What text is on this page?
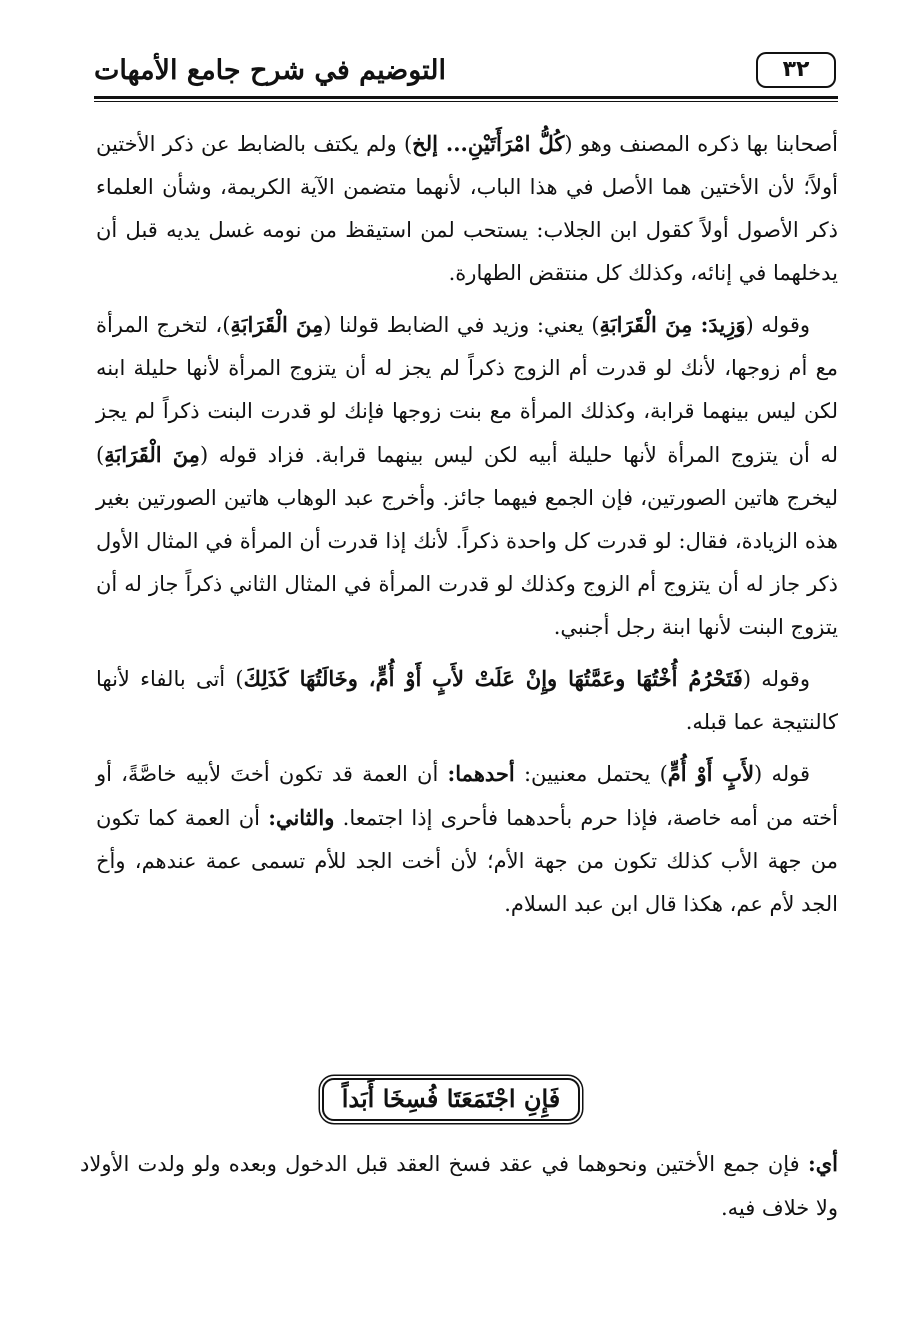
التوضيم في شرح جامع الأمهات	٣٢

أصحابنا بها ذكره المصنف وهو (كُلُّ امْرَأَتَيْنِ... إلخ) ولم يكتف بالضابط عن ذكر الأختين أولاً؛ لأن الأختين هما الأصل في هذا الباب، لأنهما متضمن الآية الكريمة، وشأن العلماء ذكر الأصول أولاً كقول ابن الجلاب: يستحب لمن استيقظ من نومه غسل يديه قبل أن يدخلهما في إنائه، وكذلك كل منتقض الطهارة.

وقوله (وَزِيدَ: مِنَ الْقَرَابَةِ) يعني: وزيد في الضابط قولنا (مِنَ الْقَرَابَةِ)، لتخرج المرأة مع أم زوجها، لأنك لو قدرت أم الزوج ذكراً لم يجز له أن يتزوج المرأة لأنها حليلة ابنه لكن ليس بينهما قرابة، وكذلك المرأة مع بنت زوجها فإنك لو قدرت البنت ذكراً لم يجز له أن يتزوج المرأة لأنها حليلة أبيه لكن ليس بينهما قرابة. فزاد قوله (مِنَ الْقَرَابَةِ) ليخرج هاتين الصورتين، فإن الجمع فيهما جائز. وأخرج عبد الوهاب هاتين الصورتين بغير هذه الزيادة، فقال: لو قدرت كل واحدة ذكراً. لأنك إذا قدرت أن المرأة في المثال الأول ذكر جاز له أن يتزوج أم الزوج وكذلك لو قدرت المرأة في المثال الثاني ذكراً جاز له أن يتزوج البنت لأنها ابنة رجل أجنبي.

وقوله (فَتَحْرُمُ أُخْتُهَا وعَمَّتُهَا وإِنْ عَلَتْ لأَبٍ أَوْ أُمٍّ، وخَالَتُهَا كَذَلِكَ) أتى بالفاء لأنها كالنتيجة عما قبله.

قوله (لأَبٍ أَوْ أُمٍّ) يحتمل معنيين: أحدهما: أن العمة قد تكون أختَ لأبيه خاصَّةً، أو أخته من أمه خاصة، فإذا حرم بأحدهما فأحرى إذا اجتمعا. والثاني: أن العمة كما تكون من جهة الأب كذلك تكون من جهة الأم؛ لأن أخت الجد للأم تسمى عمة عندهم، وأخ الجد لأم عم، هكذا قال ابن عبد السلام.

فَإِنِ اجْتَمَعَتَا فُسِخَا أَبَداً

أي: فإن جمع الأختين ونحوهما في عقد فسخ العقد قبل الدخول وبعده ولو ولدت الأولاد ولا خلاف فيه.
